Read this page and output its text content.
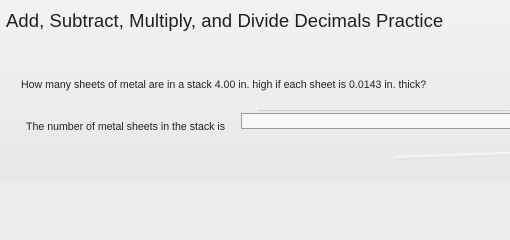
Add, Subtract, Multiply, and Divide Decimals Practice
How many sheets of metal are in a stack 4.00 in. high if each sheet is 0.0143 in. thick?
The number of metal sheets in the stack is
